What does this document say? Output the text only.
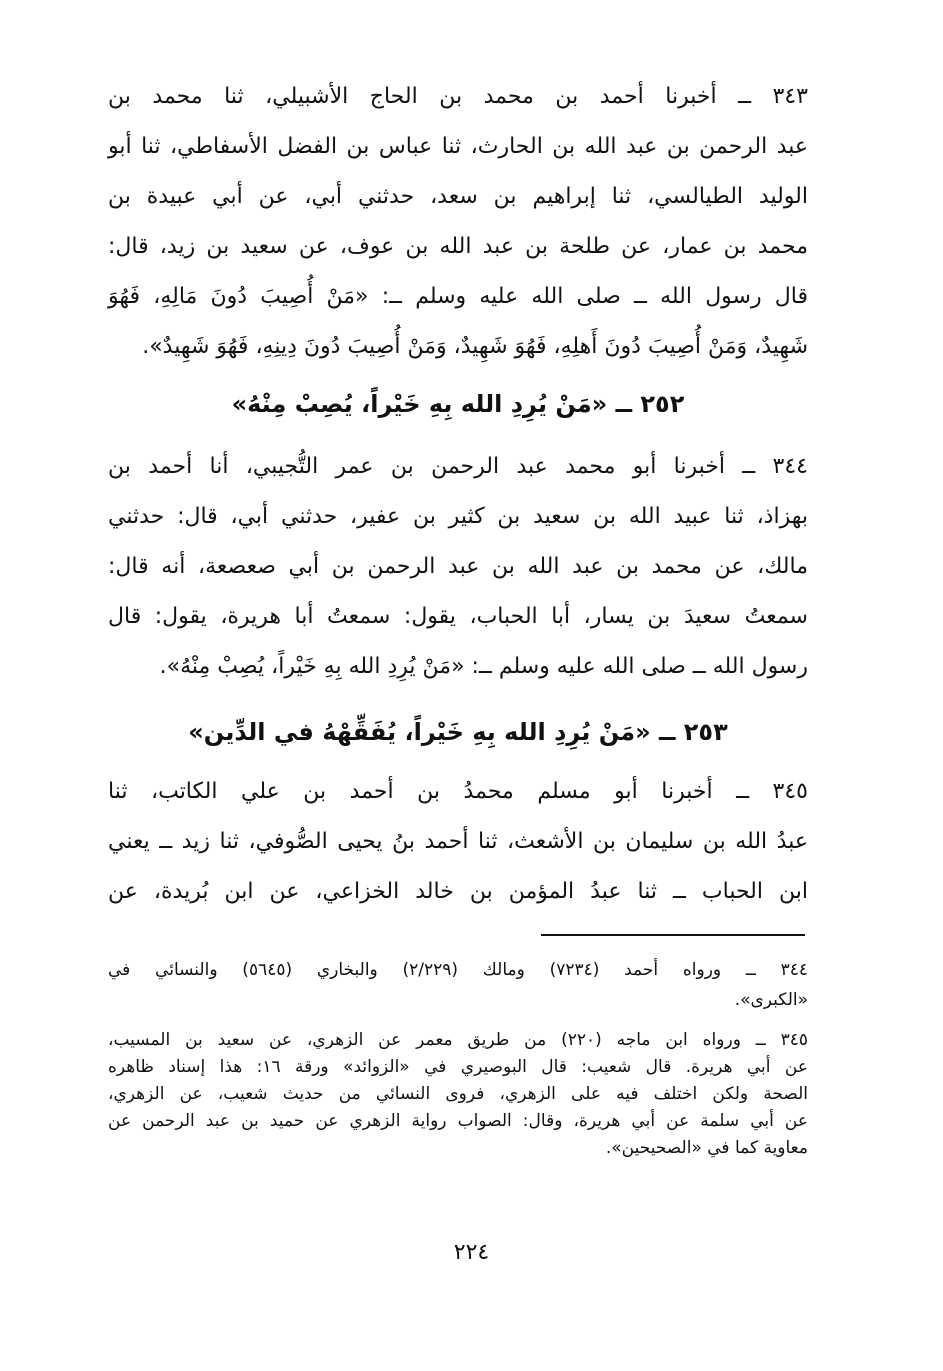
٣٤٣ ــ أخبرنا أحمد بن محمد بن الحاج الأشبيلي، ثنا محمد بن
عبد الرحمن بن عبد الله بن الحارث، ثنا عباس بن الفضل الأسفاطي، ثنا أبو
الوليد الطيالسي، ثنا إبراهيم بن سعد، حدثني أبي، عن أبي عبيدة بن
محمد بن عمار، عن طلحة بن عبد الله بن عوف، عن سعيد بن زيد، قال:
قال رسول الله ــ صلى الله عليه وسلم ــ: «مَنْ أُصِيبَ دُونَ مَالِهِ، فَهُوَ
شَهِيدٌ، وَمَنْ أُصِيبَ دُونَ أَهلِهِ، فَهُوَ شَهِيدٌ، وَمَنْ أُصِيبَ دُونَ دِينِهِ، فَهُوَ شَهِيدٌ».
٢٥٢ ــ «مَنْ يُرِدِ الله بِهِ خَيْراً، يُصِبْ مِنْهُ»
٣٤٤ ــ أخبرنا أبو محمد عبد الرحمن بن عمر التُّجيبي، أنا أحمد بن
بهزاذ، ثنا عبيد الله بن سعيد بن كثير بن عفير، حدثني أبي، قال: حدثني
مالك، عن محمد بن عبد الله بن عبد الرحمن بن أبي صعصعة، أنه قال:
سمعتُ سعيدَ بن يسار، أبا الحباب، يقول: سمعتُ أبا هريرة، يقول: قال
رسول الله ــ صلى الله عليه وسلم ــ: «مَنْ يُرِدِ الله بِهِ خَيْراً، يُصِبْ مِنْهُ».
٢٥٣ ــ «مَنْ يُرِدِ الله بِهِ خَيْراً، يُفَقِّهْهُ في الدِّين»
٣٤٥ ــ أخبرنا أبو مسلم محمدُ بن أحمد بن علي الكاتب، ثنا
عبدُ الله بن سليمان بن الأشعث، ثنا أحمد بنُ يحيى الصُّوفي، ثنا زيد ــ يعني
ابن الحباب ــ ثنا عبدُ المؤمن بن خالد الخزاعي، عن ابن بُريدة، عن
٣٤٤ ــ ورواه أحمد (٧٢٣٤) ومالك (٢/٢٢٩) والبخاري (٥٦٤٥) والنسائي في
«الكبرى».
٣٤٥ ــ ورواه ابن ماجه (٢٢٠) من طريق معمر عن الزهري، عن سعيد بن المسيب،
عن أبي هريرة. قال شعيب: قال البوصيري في «الزوائد» ورقة ١٦: هذا إسناد ظاهره
الصحة ولكن اختلف فيه على الزهري، فروى النسائي من حديث شعيب، عن الزهري،
عن أبي سلمة عن أبي هريرة، وقال: الصواب رواية الزهري عن حميد بن عبد الرحمن عن
معاوية كما في «الصحيحين».
٢٢٤
